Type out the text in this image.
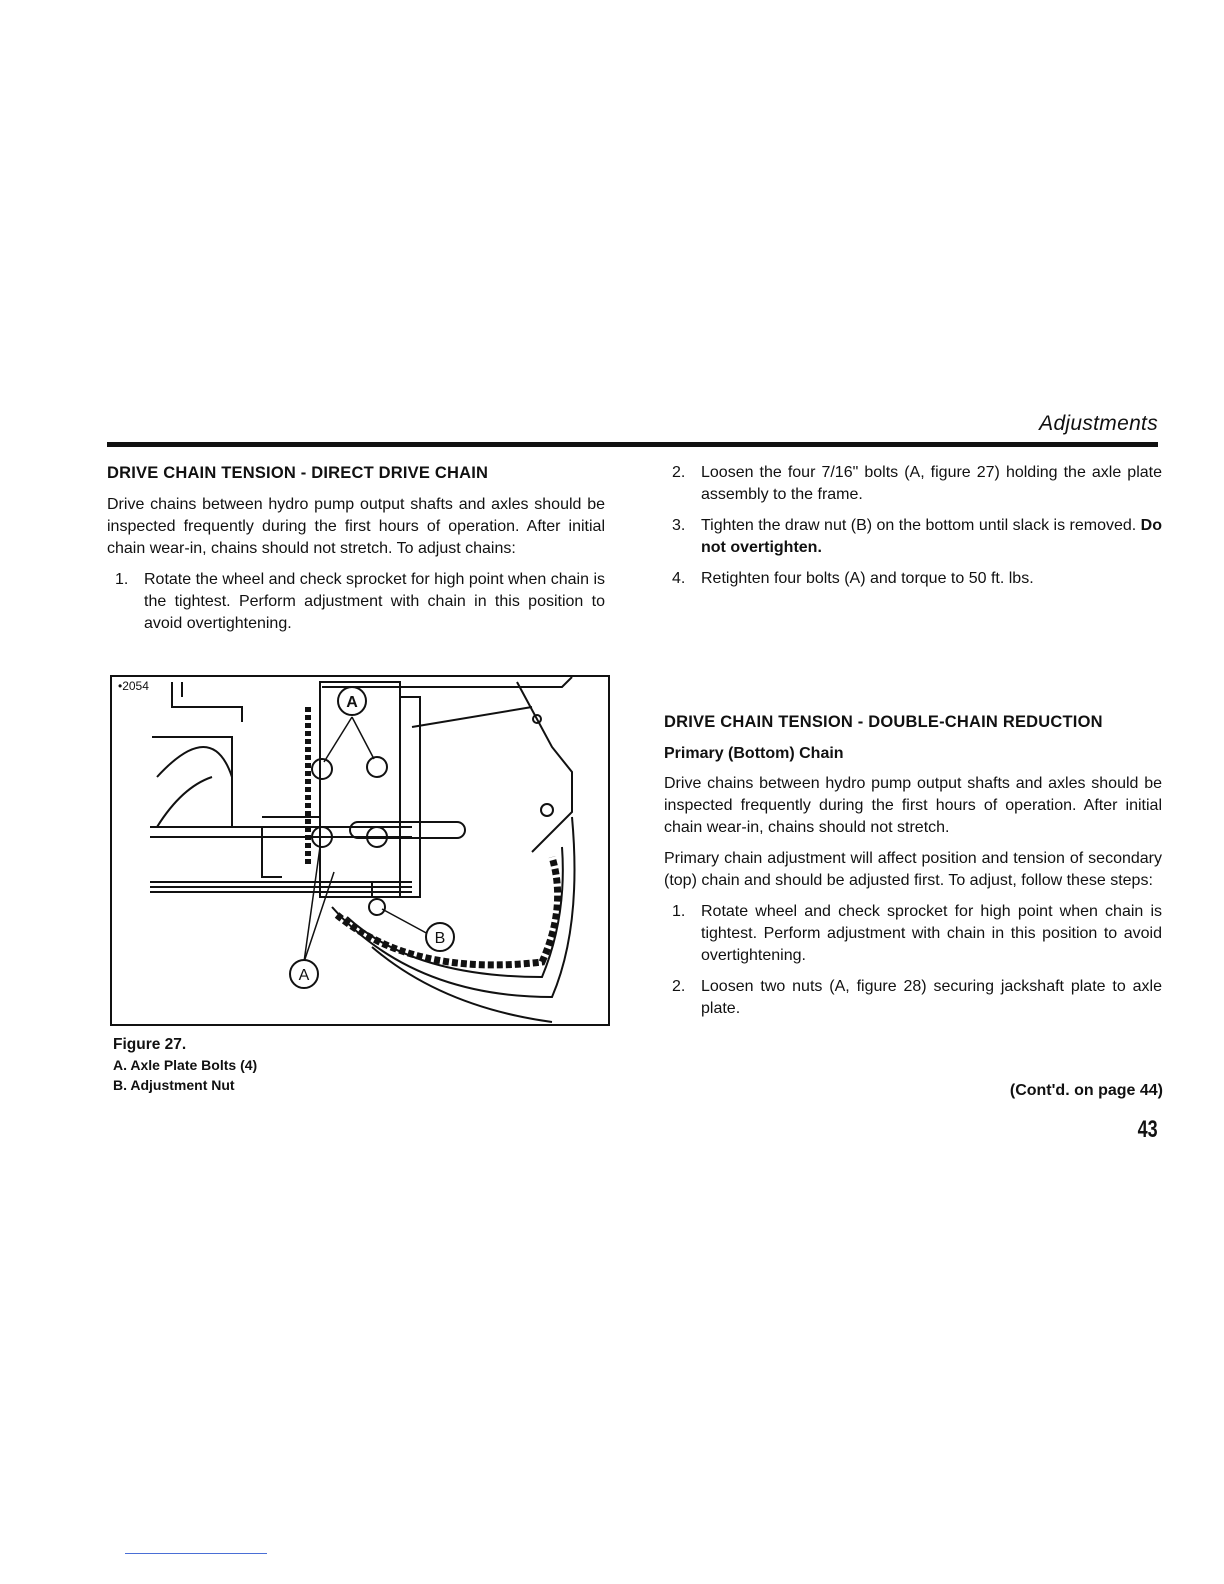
Adjustments
DRIVE CHAIN TENSION - DIRECT DRIVE CHAIN

Drive chains between hydro pump output shafts and axles should be inspected frequently during the first hours of operation. After initial chain wear-in, chains should not stretch. To adjust chains:

1. Rotate the wheel and check sprocket for high point when chain is the tightest. Perform adjustment with chain in this position to avoid overtightening.
A
A
B
•2054
Figure 27.
A. Axle Plate Bolts (4)
B. Adjustment Nut
2. Loosen the four 7/16" bolts (A, figure 27) holding the axle plate assembly to the frame.
3. Tighten the draw nut (B) on the bottom until slack is removed. Do not overtighten.
4. Retighten four bolts (A) and torque to 50 ft. lbs.
DRIVE CHAIN TENSION - DOUBLE-CHAIN REDUCTION
Primary (Bottom) Chain

Drive chains between hydro pump output shafts and axles should be inspected frequently during the first hours of operation. After initial chain wear-in, chains should not stretch.

Primary chain adjustment will affect position and tension of secondary (top) chain and should be adjusted first. To adjust, follow these steps:

1. Rotate wheel and check sprocket for high point when chain is tightest. Perform adjustment with chain in this position to avoid overtightening.
2. Loosen two nuts (A, figure 28) securing jackshaft plate to axle plate.
(Cont'd. on page 44)
43
